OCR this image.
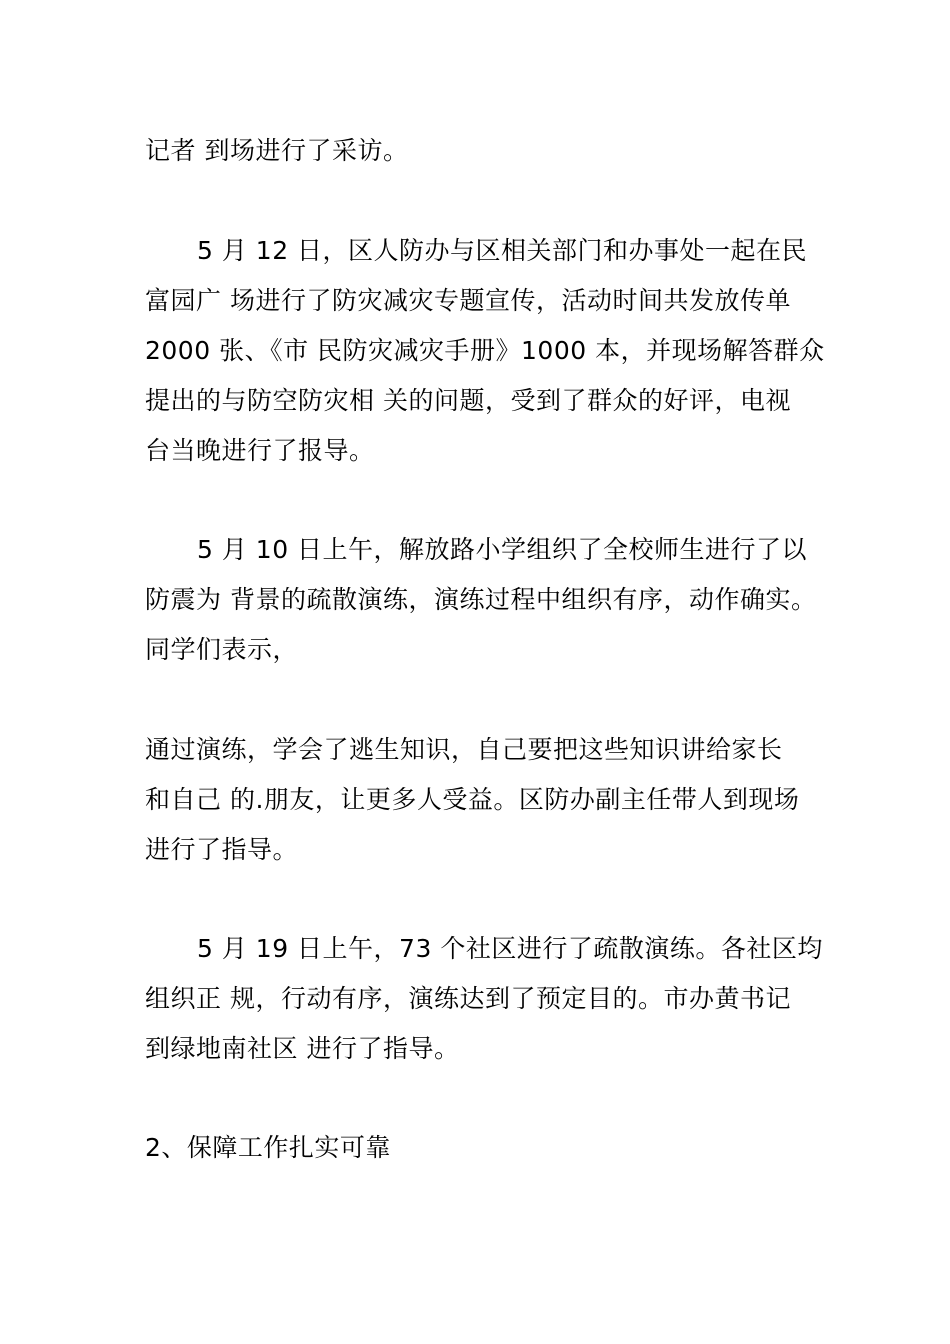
记者 到场进行了采访。
5 月 12 日，区人防办与区相关部门和办事处一起在民
富园广 场进行了防灾减灾专题宣传，活动时间共发放传单
2000 张、《市 民防灾减灾手册》1000 本，并现场解答群众
提出的与防空防灾相 关的问题，受到了群众的好评，电视
台当晚进行了报导。
5 月 10 日上午，解放路小学组织了全校师生进行了以
防震为 背景的疏散演练，演练过程中组织有序，动作确实。
同学们表示，
通过演练，学会了逃生知识，自己要把这些知识讲给家长
和自己 的.朋友，让更多人受益。区防办副主任带人到现场
进行了指导。
5 月 19 日上午，73 个社区进行了疏散演练。各社区均
组织正 规，行动有序，演练达到了预定目的。市办黄书记
到绿地南社区 进行了指导。
2、保障工作扎实可靠
